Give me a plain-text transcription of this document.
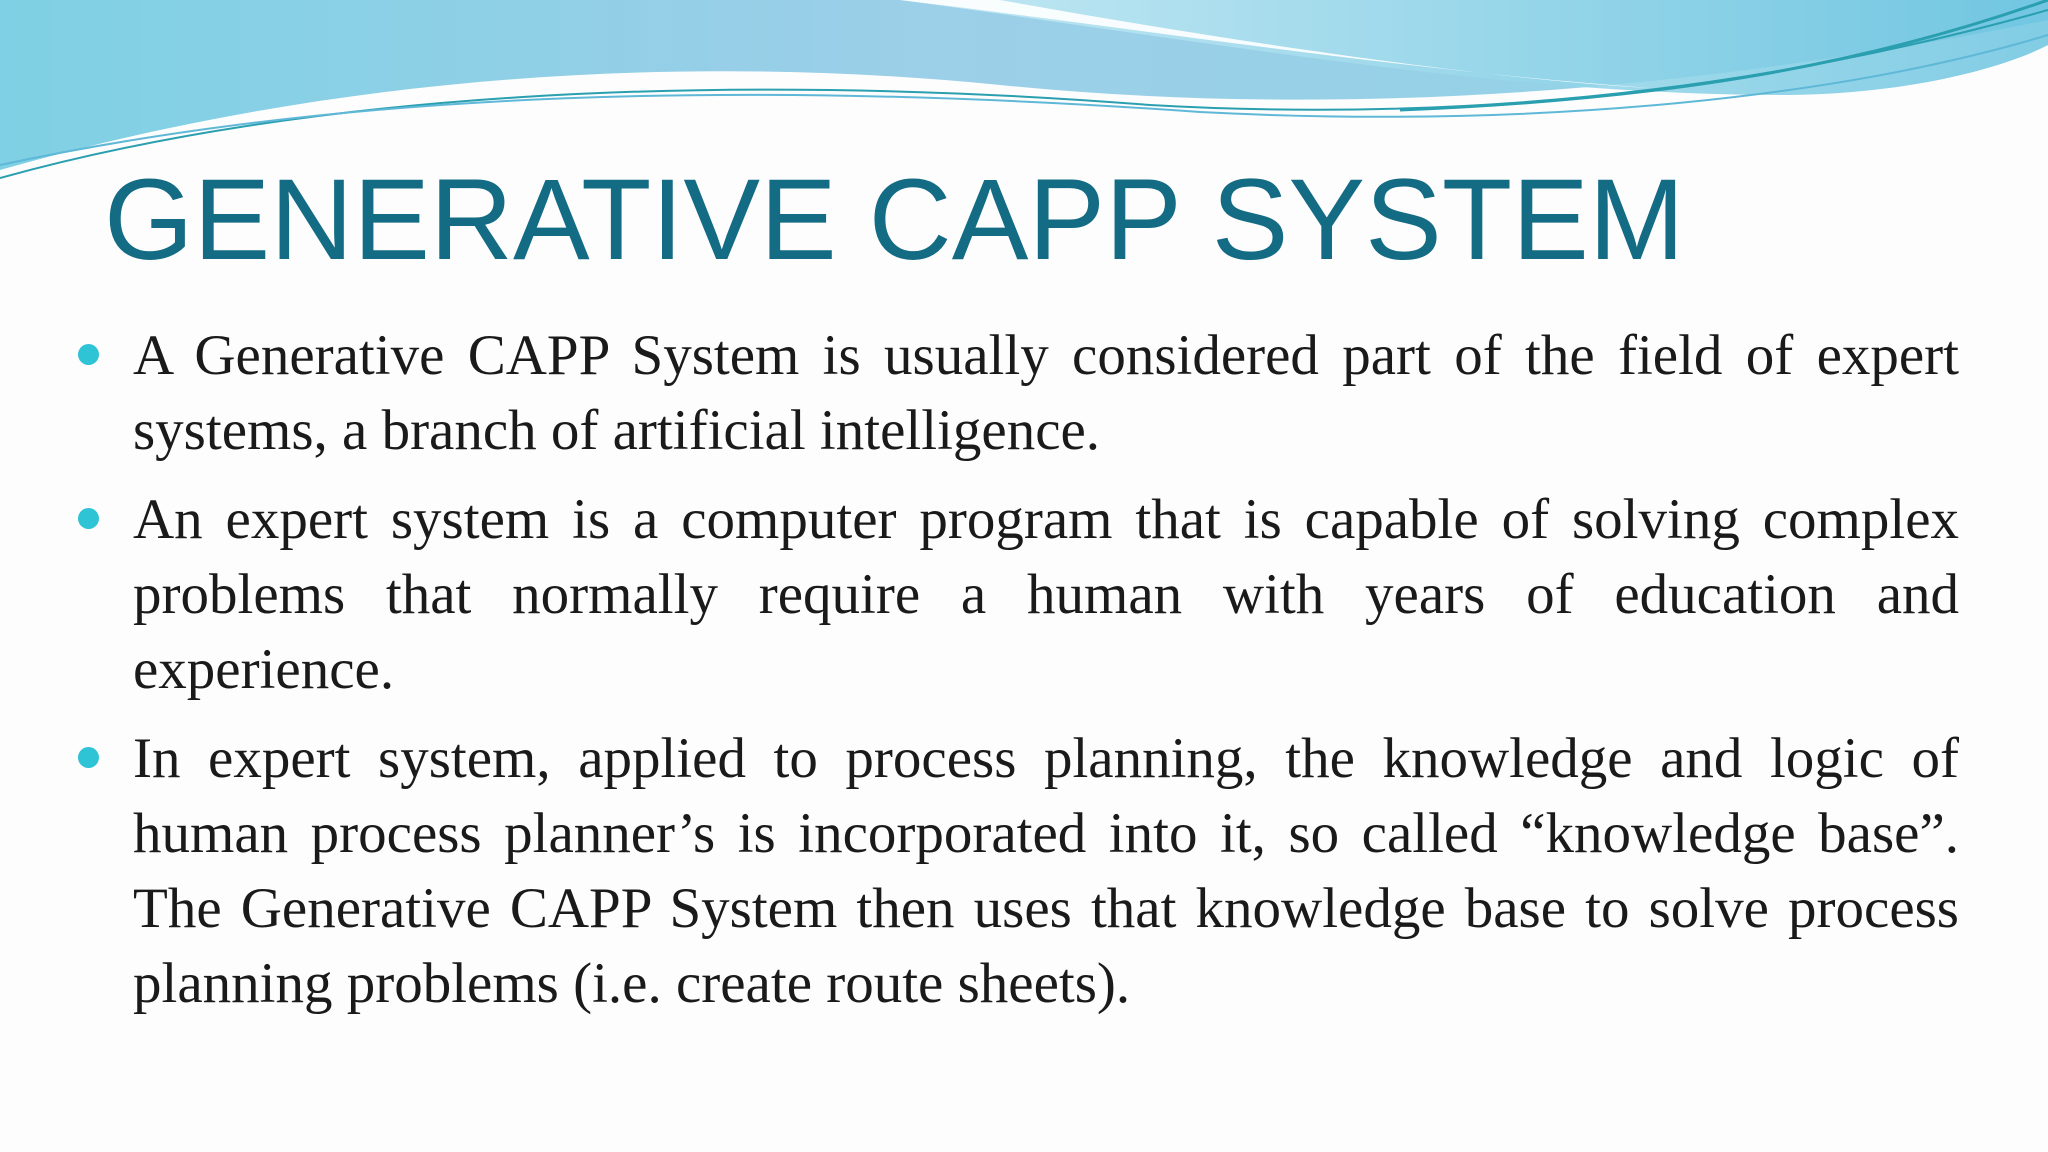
GENERATIVE CAPP SYSTEM
A Generative CAPP System is usually considered part of the field of expert systems, a branch of artificial intelligence.
An expert system is a computer program that is capable of solving complex problems that normally require a human with years of education and experience.
In expert system, applied to process planning, the knowledge and logic of human process planner’s is incorporated into it, so called “knowledge base”. The Generative CAPP System then uses that knowledge base to solve process planning problems (i.e. create route sheets).
